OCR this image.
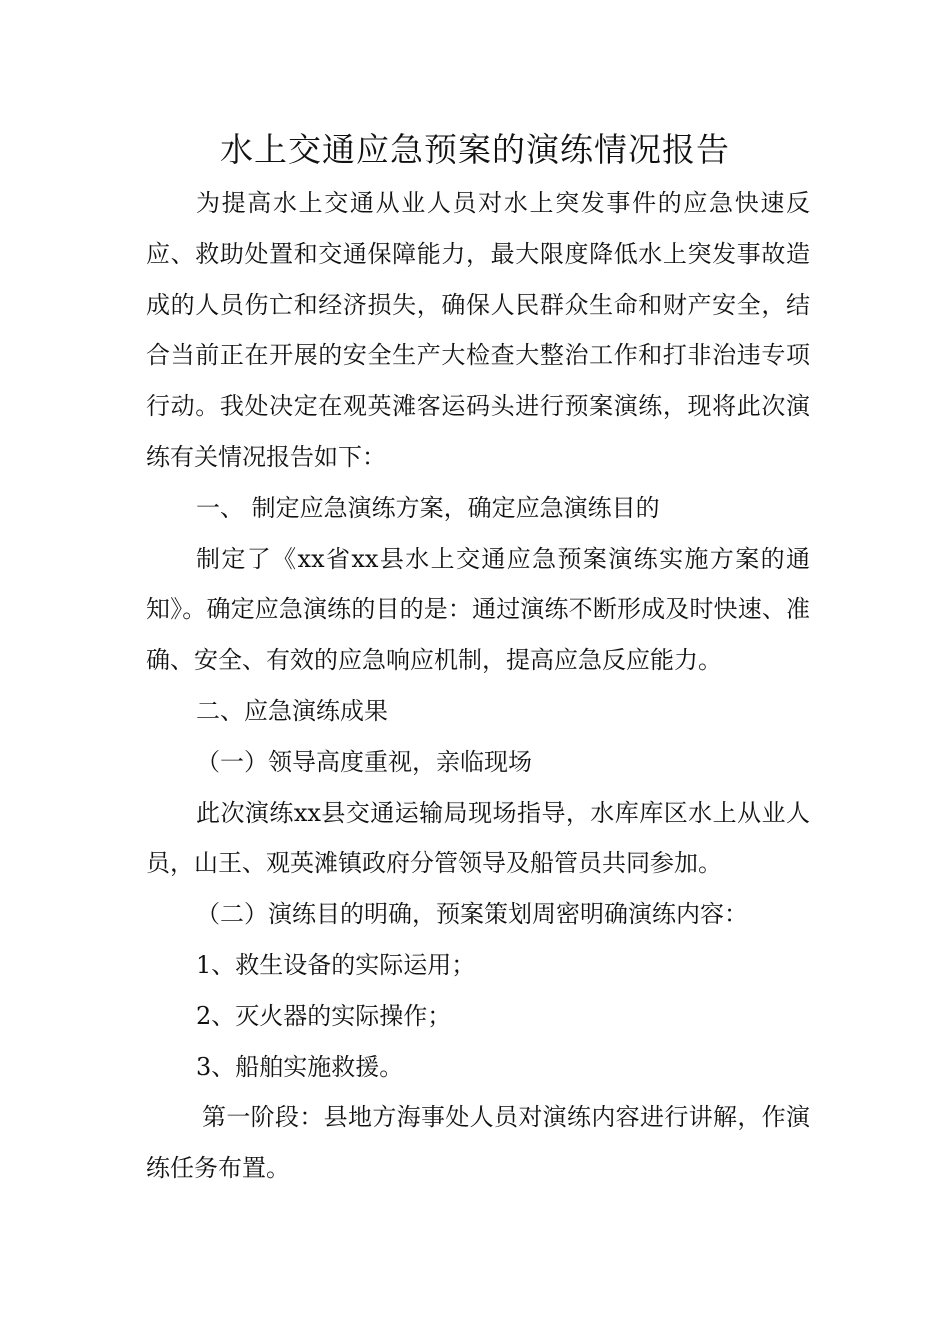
水上交通应急预案的演练情况报告

为提高水上交通从业人员对水上突发事件的应急快速反应、救助处置和交通保障能力，最大限度降低水上突发事故造成的人员伤亡和经济损失，确保人民群众生命和财产安全，结合当前正在开展的安全生产大检查大整治工作和打非治违专项行动。我处决定在观英滩客运码头进行预案演练，现将此次演练有关情况报告如下：

一、 制定应急演练方案，确定应急演练目的

制定了《xx省xx县水上交通应急预案演练实施方案的通知》。确定应急演练的目的是：通过演练不断形成及时快速、准确、安全、有效的应急响应机制，提高应急反应能力。

二、应急演练成果

（一）领导高度重视，亲临现场

此次演练xx县交通运输局现场指导，水库库区水上从业人员，山王、观英滩镇政府分管领导及船管员共同参加。

（二）演练目的明确，预案策划周密明确演练内容：

1、救生设备的实际运用；

2、灭火器的实际操作；

3、船舶实施救援。

第一阶段：县地方海事处人员对演练内容进行讲解，作演练任务布置。
